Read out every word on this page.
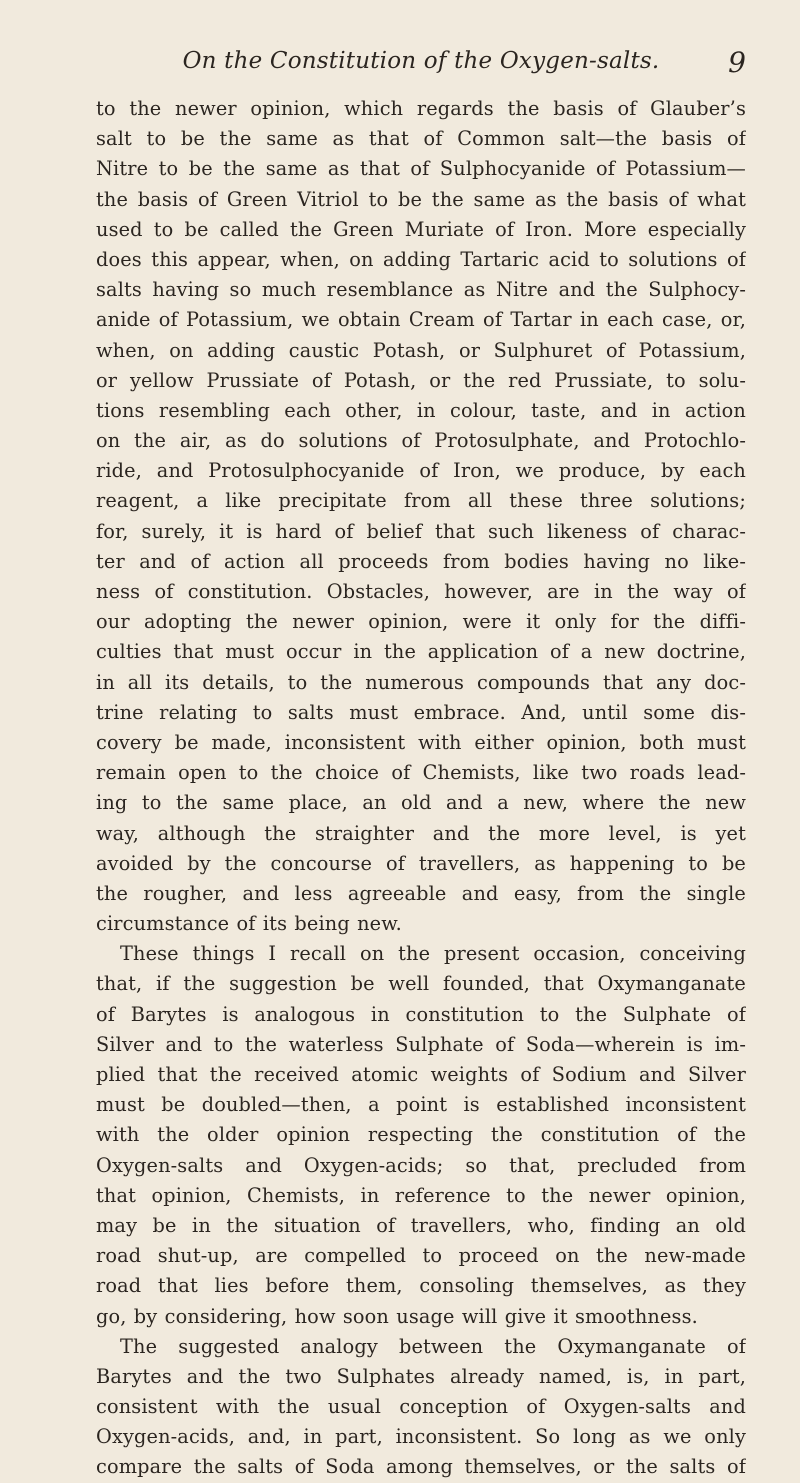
On the Constitution of the Oxygen-salts.	9
to the newer opinion, which regards the basis of Glauber’s
salt to be the same as that of Common salt—the basis of
Nitre to be the same as that of Sulphocyanide of Potassium—
the basis of Green Vitriol to be the same as the basis of what
used to be called the Green Muriate of Iron. More especially
does this appear, when, on adding Tartaric acid to solutions of
salts having so much resemblance as Nitre and the Sulphocy-
anide of Potassium, we obtain Cream of Tartar in each case, or,
when, on adding caustic Potash, or Sulphuret of Potassium,
or yellow Prussiate of Potash, or the red Prussiate, to solu-
tions resembling each other, in colour, taste, and in action
on the air, as do solutions of Protosulphate, and Protochlo-
ride, and Protosulphocyanide of Iron, we produce, by each
reagent, a like precipitate from all these three solutions;
for, surely, it is hard of belief that such likeness of charac-
ter and of action all proceeds from bodies having no like-
ness of constitution. Obstacles, however, are in the way of
our adopting the newer opinion, were it only for the diffi-
culties that must occur in the application of a new doctrine,
in all its details, to the numerous compounds that any doc-
trine relating to salts must embrace. And, until some dis-
covery be made, inconsistent with either opinion, both must
remain open to the choice of Chemists, like two roads lead-
ing to the same place, an old and a new, where the new
way, although the straighter and the more level, is yet
avoided by the concourse of travellers, as happening to be
the rougher, and less agreeable and easy, from the single
circumstance of its being new.
These things I recall on the present occasion, conceiving
that, if the suggestion be well founded, that Oxymanganate
of Barytes is analogous in constitution to the Sulphate of
Silver and to the waterless Sulphate of Soda—wherein is im-
plied that the received atomic weights of Sodium and Silver
must be doubled—then, a point is established inconsistent
with the older opinion respecting the constitution of the
Oxygen-salts and Oxygen-acids; so that, precluded from
that opinion, Chemists, in reference to the newer opinion,
may be in the situation of travellers, who, finding an old
road shut-up, are compelled to proceed on the new-made
road that lies before them, consoling themselves, as they
go, by considering, how soon usage will give it smoothness.
The suggested analogy between the Oxymanganate of
Barytes and the two Sulphates already named, is, in part,
consistent with the usual conception of Oxygen-salts and
Oxygen-acids, and, in part, inconsistent. So long as we only
compare the salts of Soda among themselves, or the salts of
